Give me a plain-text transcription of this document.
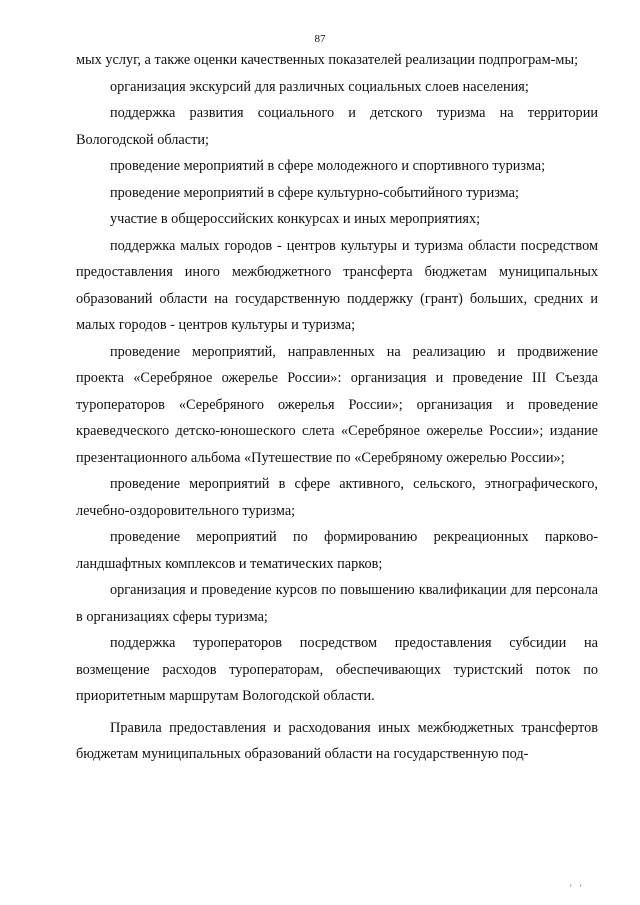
87

мых услуг, а также оценки качественных показателей реализации подпрограм-мы;

организация экскурсий для различных социальных слоев населения;

поддержка развития социального и детского туризма на территории Вологодской области;

проведение мероприятий в сфере молодежного и спортивного туризма;

проведение мероприятий в сфере культурно-событийного туризма;

участие в общероссийских конкурсах и иных мероприятиях;

поддержка малых городов - центров культуры и туризма области посредством предоставления иного межбюджетного трансферта бюджетам муниципальных образований области на государственную поддержку (грант) больших, средних и малых городов - центров культуры и туризма;

проведение мероприятий, направленных на реализацию и продвижение проекта «Серебряное ожерелье России»: организация и проведение III Съезда туроператоров «Серебряного ожерелья России»; организация и проведение краеведческого детско-юношеского слета «Серебряное ожерелье России»; издание презентационного альбома «Путешествие по «Серебряному ожерелью России»;

проведение мероприятий в сфере активного, сельского, этнографического, лечебно-оздоровительного туризма;

проведение мероприятий по формированию рекреационных парково-ландшафтных комплексов и тематических парков;

организация и проведение курсов по повышению квалификации для персонала в организациях сферы туризма;

поддержка туроператоров посредством предоставления субсидии на возмещение расходов туроператорам, обеспечивающих туристский поток по приоритетным маршрутам Вологодской области.

Правила предоставления и расходования иных межбюджетных трансфертов бюджетам муниципальных образований области на государственную под-

' '
